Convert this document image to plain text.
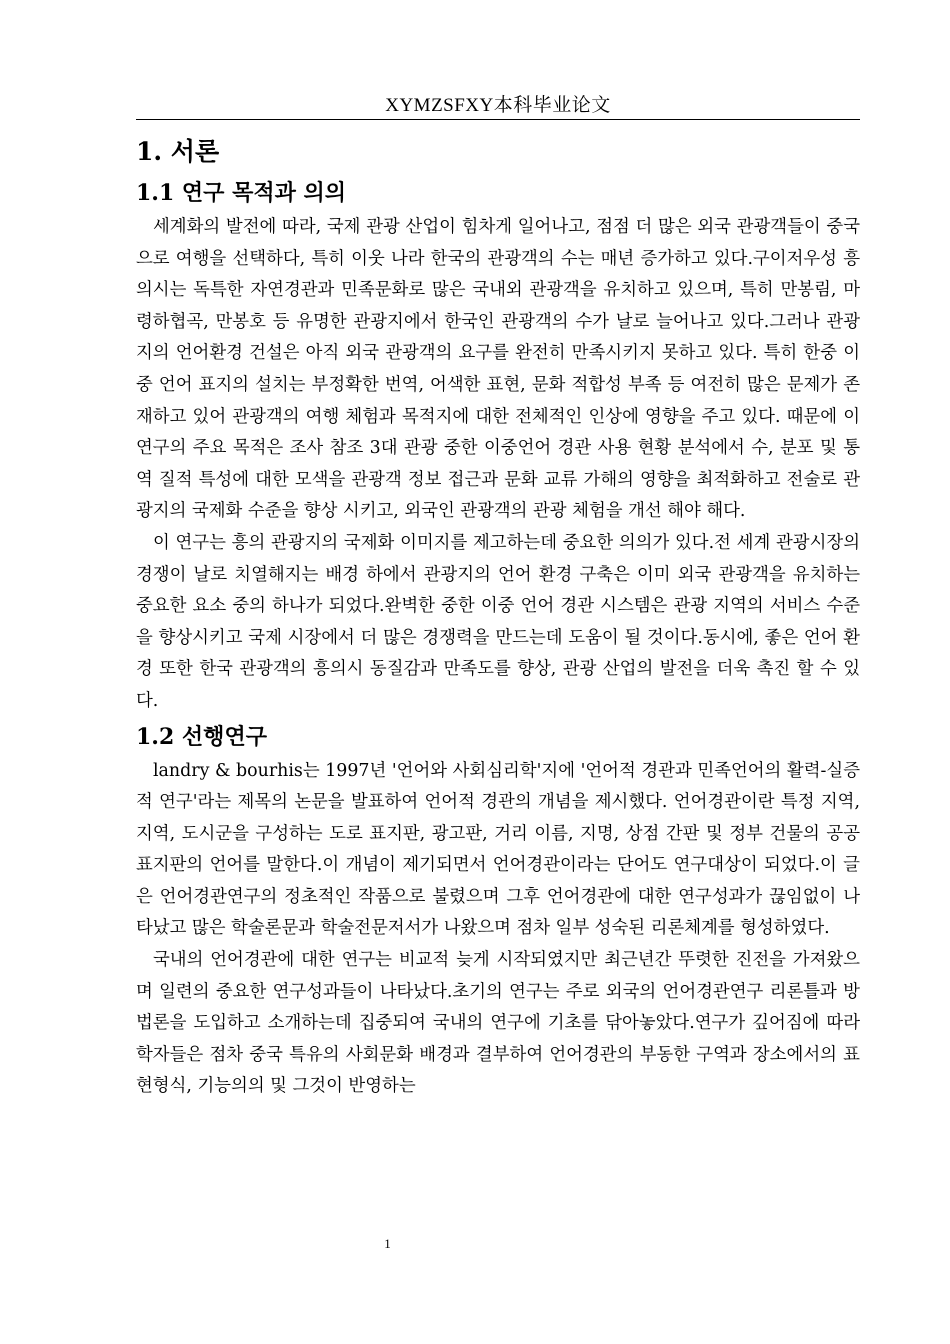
XYMZSFXY本科毕业论文
1. 서론
1.1 연구 목적과 의의

세계화의 발전에 따라, 국제 관광 산업이 힘차게 일어나고, 점점 더 많은 외국 관광객들이 중국으로 여행을 선택하다, 특히 이웃 나라 한국의 관광객의 수는 매년 증가하고 있다.구이저우성 흥의시는 독특한 자연경관과 민족문화로 많은 국내외 관광객을 유치하고 있으며, 특히 만봉림, 마령하협곡, 만봉호 등 유명한 관광지에서 한국인 관광객의 수가 날로 늘어나고 있다.그러나 관광지의 언어환경 건설은 아직 외국 관광객의 요구를 완전히 만족시키지 못하고 있다. 특히 한중 이중 언어 표지의 설치는 부정확한 번역, 어색한 표현, 문화 적합성 부족 등 여전히 많은 문제가 존재하고 있어 관광객의 여행 체험과 목적지에 대한 전체적인 인상에 영향을 주고 있다. 때문에 이 연구의 주요 목적은 조사 참조 3대 관광 중한 이중언어 경관 사용 현황 분석에서 수, 분포 및 통역 질적 특성에 대한 모색을 관광객 정보 접근과 문화 교류 가해의 영향을 최적화하고 전술로 관광지의 국제화 수준을 향상 시키고, 외국인 관광객의 관광 체험을 개선 해야 해다.

이 연구는 흥의 관광지의 국제화 이미지를 제고하는데 중요한 의의가 있다.전 세계 관광시장의 경쟁이 날로 치열해지는 배경 하에서 관광지의 언어 환경 구축은 이미 외국 관광객을 유치하는 중요한 요소 중의 하나가 되었다.완벽한 중한 이중 언어 경관 시스템은 관광 지역의 서비스 수준을 향상시키고 국제 시장에서 더 많은 경쟁력을 만드는데 도움이 될 것이다.동시에, 좋은 언어 환경 또한 한국 관광객의 흥의시 동질감과 만족도를 향상, 관광 산업의 발전을 더욱 촉진 할 수 있다.

1.2 선행연구

landry & bourhis는 1997년 '언어와 사회심리학'지에 '언어적 경관과 민족언어의 활력-실증적 연구'라는 제목의 논문을 발표하여 언어적 경관의 개념을 제시했다. 언어경관이란 특정 지역, 지역, 도시군을 구성하는 도로 표지판, 광고판, 거리 이름, 지명, 상점 간판 및 정부 건물의 공공 표지판의 언어를 말한다.이 개념이 제기되면서 언어경관이라는 단어도 연구대상이 되었다.이 글은 언어경관연구의 정초적인 작품으로 불렸으며 그후 언어경관에 대한 연구성과가 끊임없이 나타났고 많은 학술론문과 학술전문저서가 나왔으며 점차 일부 성숙된 리론체계를 형성하였다.

국내의 언어경관에 대한 연구는 비교적 늦게 시작되였지만 최근년간 뚜렷한 진전을 가져왔으며 일련의 중요한 연구성과들이 나타났다.초기의 연구는 주로 외국의 언어경관연구 리론틀과 방법론을 도입하고 소개하는데 집중되여 국내의 연구에 기초를 닦아놓았다.연구가 깊어짐에 따라 학자들은 점차 중국 특유의 사회문화 배경과 결부하여 언어경관의 부동한 구역과 장소에서의 표현형식, 기능의의 및 그것이 반영하는

1
